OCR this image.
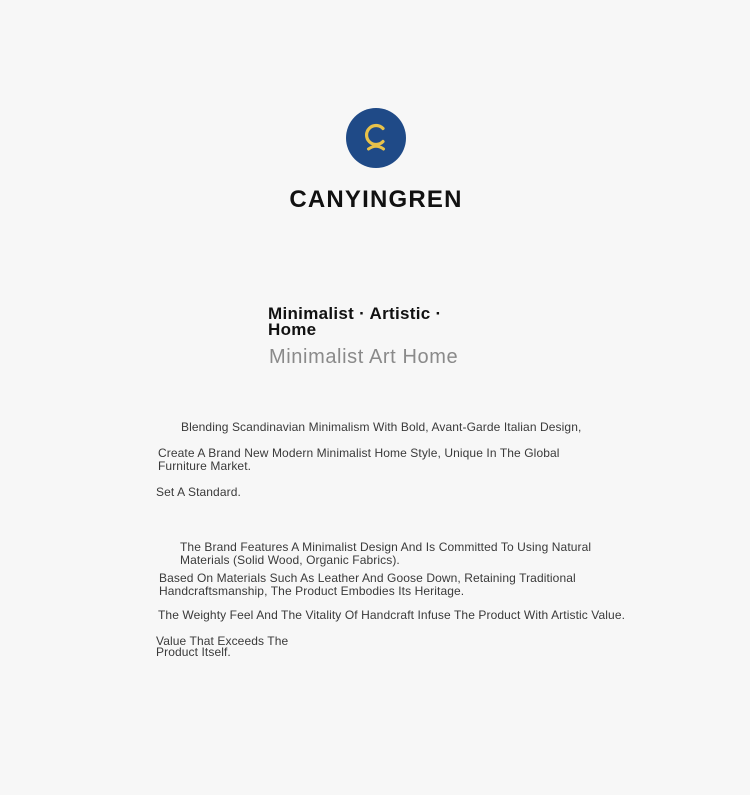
CANYINGREN
Minimalist · Artistic · Home
Minimalist Art Home
Blending Scandinavian Minimalism With Bold, Avant-Garde Italian Design,
Create A Brand New Modern Minimalist Home Style, Unique In The Global Furniture Market.
Set A Standard.
The Brand Features A Minimalist Design And Is Committed To Using Natural Materials (Solid Wood, Organic Fabrics).
Based On Materials Such As Leather And Goose Down, Retaining Traditional Handcraftsmanship, The Product Embodies Its Heritage.
The Weighty Feel And The Vitality Of Handcraft Infuse The Product With Artistic Value.
Value That Exceeds The Product Itself.
